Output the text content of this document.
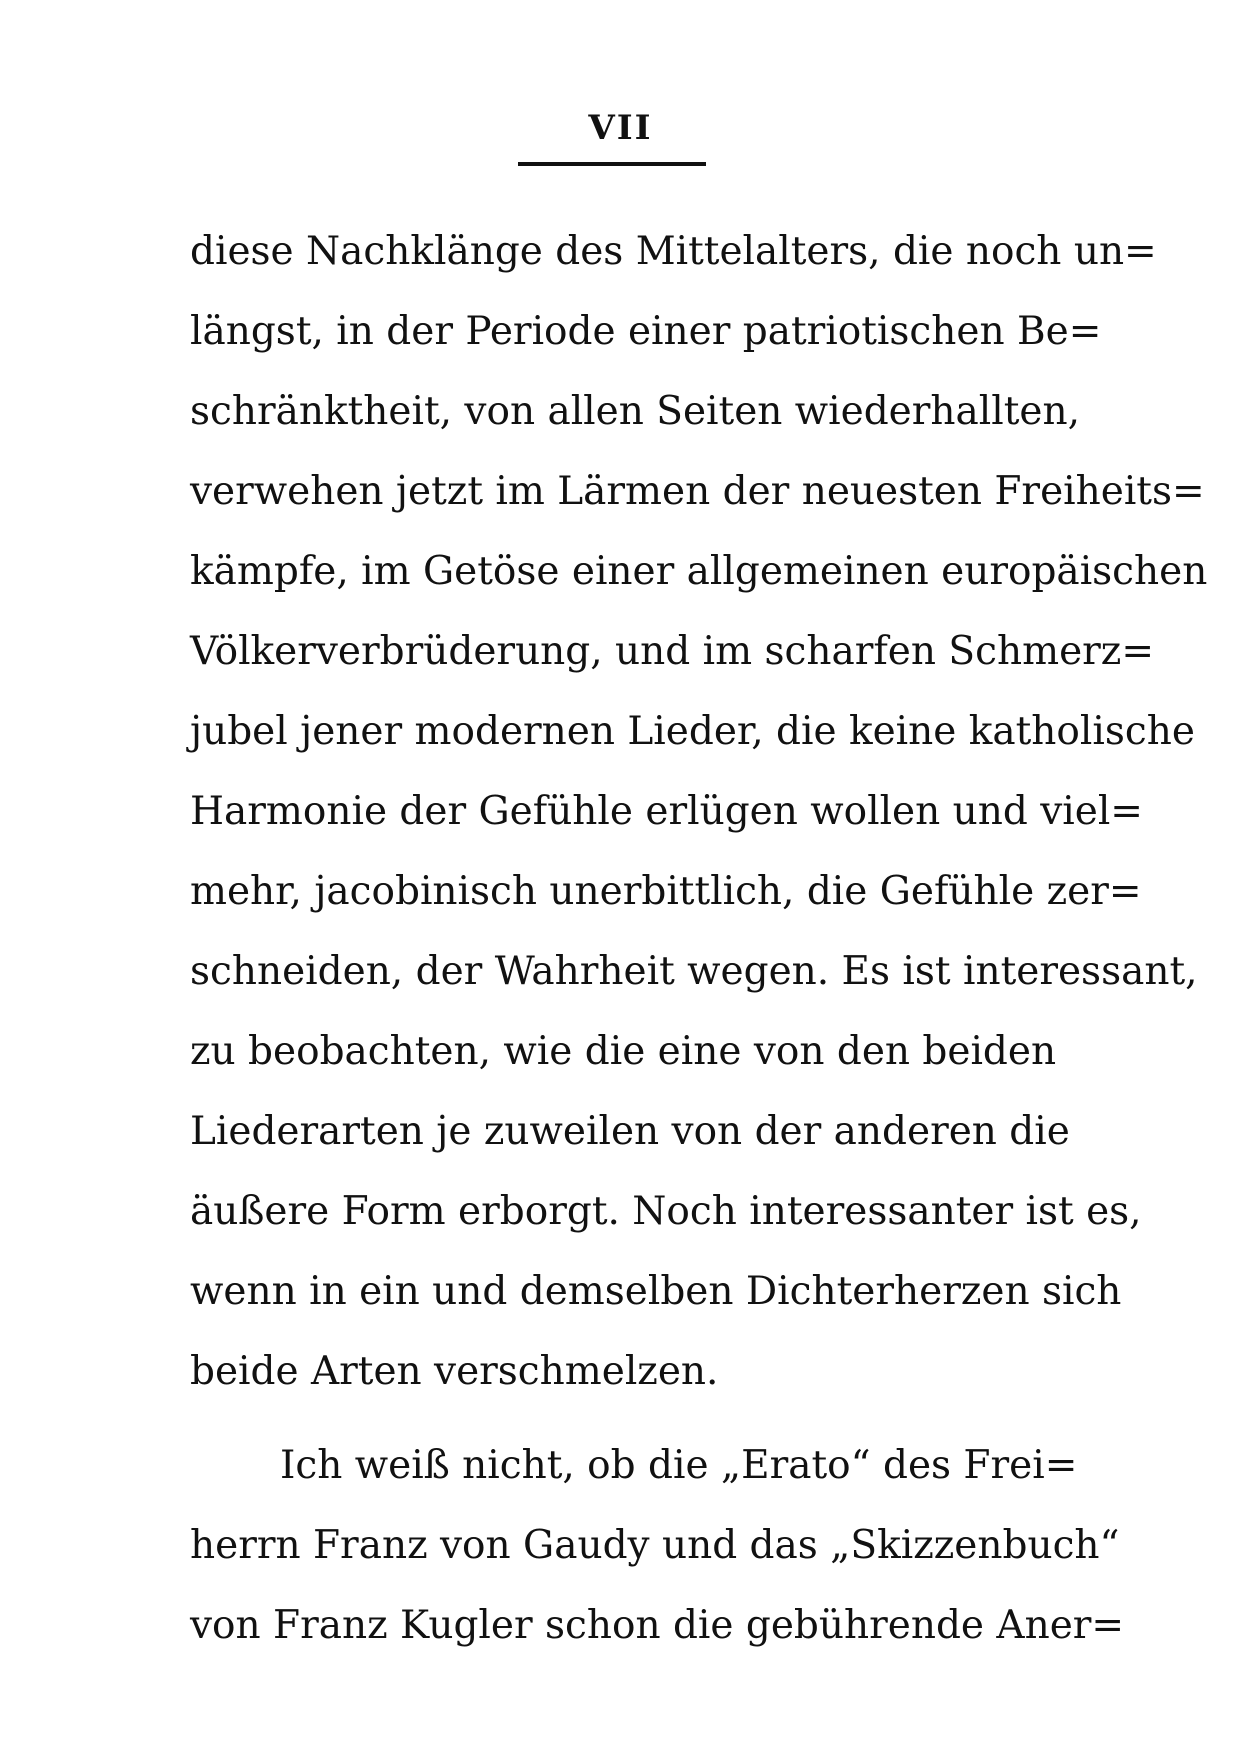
VII
diese Nachklänge des Mittelalters, die noch un=
längst, in der Periode einer patriotischen Be=
schränktheit, von allen Seiten wiederhallten,
verwehen jetzt im Lärmen der neuesten Freiheits=
kämpfe, im Getöse einer allgemeinen europäischen
Völkerverbrüderung, und im scharfen Schmerz=
jubel jener modernen Lieder, die keine katholische
Harmonie der Gefühle erlügen wollen und viel=
mehr, jacobinisch unerbittlich, die Gefühle zer=
schneiden, der Wahrheit wegen. Es ist interessant,
zu beobachten, wie die eine von den beiden
Liederarten je zuweilen von der anderen die
äußere Form erborgt. Noch interessanter ist es,
wenn in ein und demselben Dichterherzen sich
beide Arten verschmelzen.
Ich weiß nicht, ob die „Erato“ des Frei=
herrn Franz von Gaudy und das „Skizzenbuch“
von Franz Kugler schon die gebührende Aner=
